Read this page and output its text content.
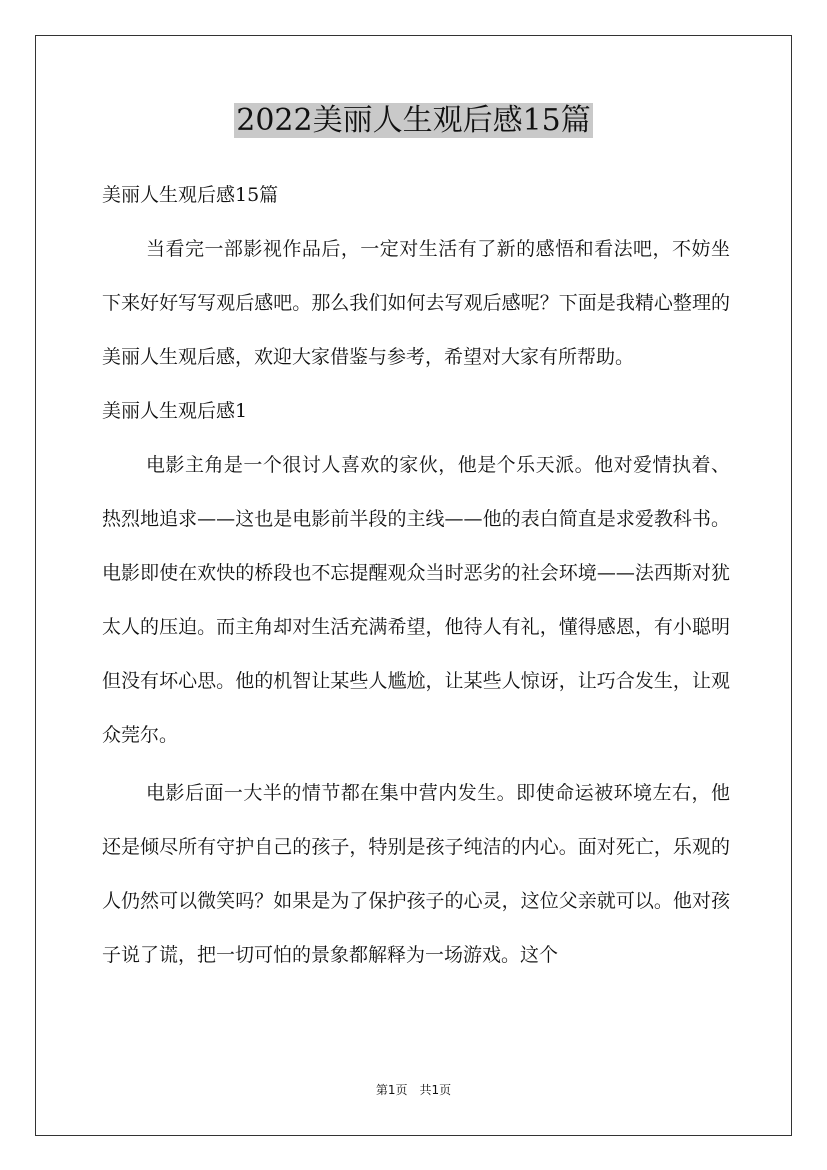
2022美丽人生观后感15篇

美丽人生观后感15篇

当看完一部影视作品后，一定对生活有了新的感悟和看法吧，不妨坐下来好好写写观后感吧。那么我们如何去写观后感呢？下面是我精心整理的美丽人生观后感，欢迎大家借鉴与参考，希望对大家有所帮助。

美丽人生观后感1

电影主角是一个很讨人喜欢的家伙，他是个乐天派。他对爱情执着、热烈地追求——这也是电影前半段的主线——他的表白简直是求爱教科书。电影即使在欢快的桥段也不忘提醒观众当时恶劣的社会环境——法西斯对犹太人的压迫。而主角却对生活充满希望，他待人有礼，懂得感恩，有小聪明但没有坏心思。他的机智让某些人尴尬，让某些人惊讶，让巧合发生，让观众莞尔。

电影后面一大半的情节都在集中营内发生。即使命运被环境左右，他还是倾尽所有守护自己的孩子，特别是孩子纯洁的内心。面对死亡，乐观的人仍然可以微笑吗？如果是为了保护孩子的心灵，这位父亲就可以。他对孩子说了谎，把一切可怕的景象都解释为一场游戏。这个

第1页　共1页
